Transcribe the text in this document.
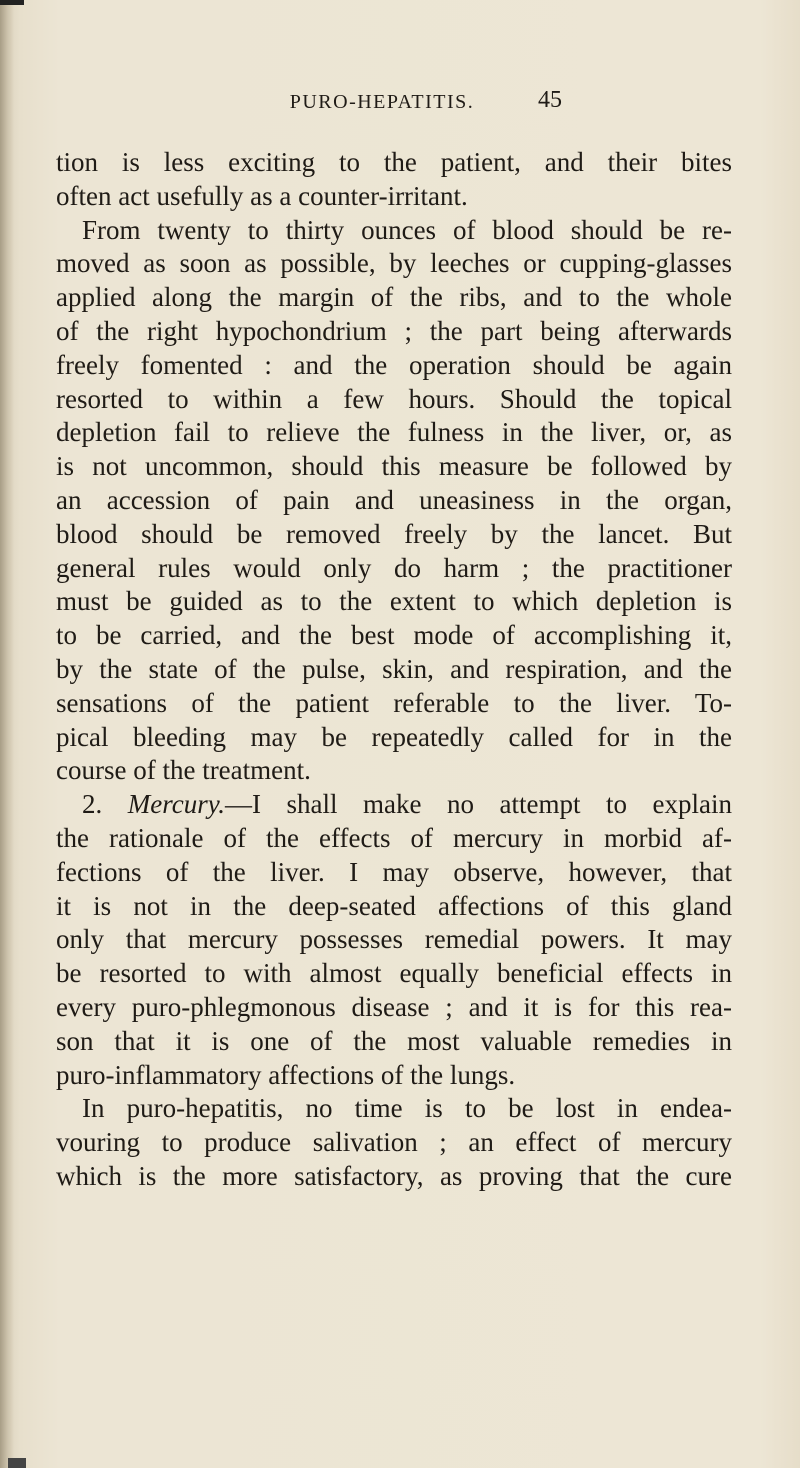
PURO-HEPATITIS.	45
tion is less exciting to the patient, and their bites
often act usefully as a counter-irritant.
From twenty to thirty ounces of blood should be re-
moved as soon as possible, by leeches or cupping-glasses
applied along the margin of the ribs, and to the whole
of the right hypochondrium ; the part being afterwards
freely fomented : and the operation should be again
resorted to within a few hours. Should the topical
depletion fail to relieve the fulness in the liver, or, as
is not uncommon, should this measure be followed by
an accession of pain and uneasiness in the organ,
blood should be removed freely by the lancet. But
general rules would only do harm ; the practitioner
must be guided as to the extent to which depletion is
to be carried, and the best mode of accomplishing it,
by the state of the pulse, skin, and respiration, and the
sensations of the patient referable to the liver. To-
pical bleeding may be repeatedly called for in the
course of the treatment.
2. Mercury.—I shall make no attempt to explain
the rationale of the effects of mercury in morbid af-
fections of the liver. I may observe, however, that
it is not in the deep-seated affections of this gland
only that mercury possesses remedial powers. It may
be resorted to with almost equally beneficial effects in
every puro-phlegmonous disease ; and it is for this rea-
son that it is one of the most valuable remedies in
puro-inflammatory affections of the lungs.
In puro-hepatitis, no time is to be lost in endea-
vouring to produce salivation ; an effect of mercury
which is the more satisfactory, as proving that the cure
